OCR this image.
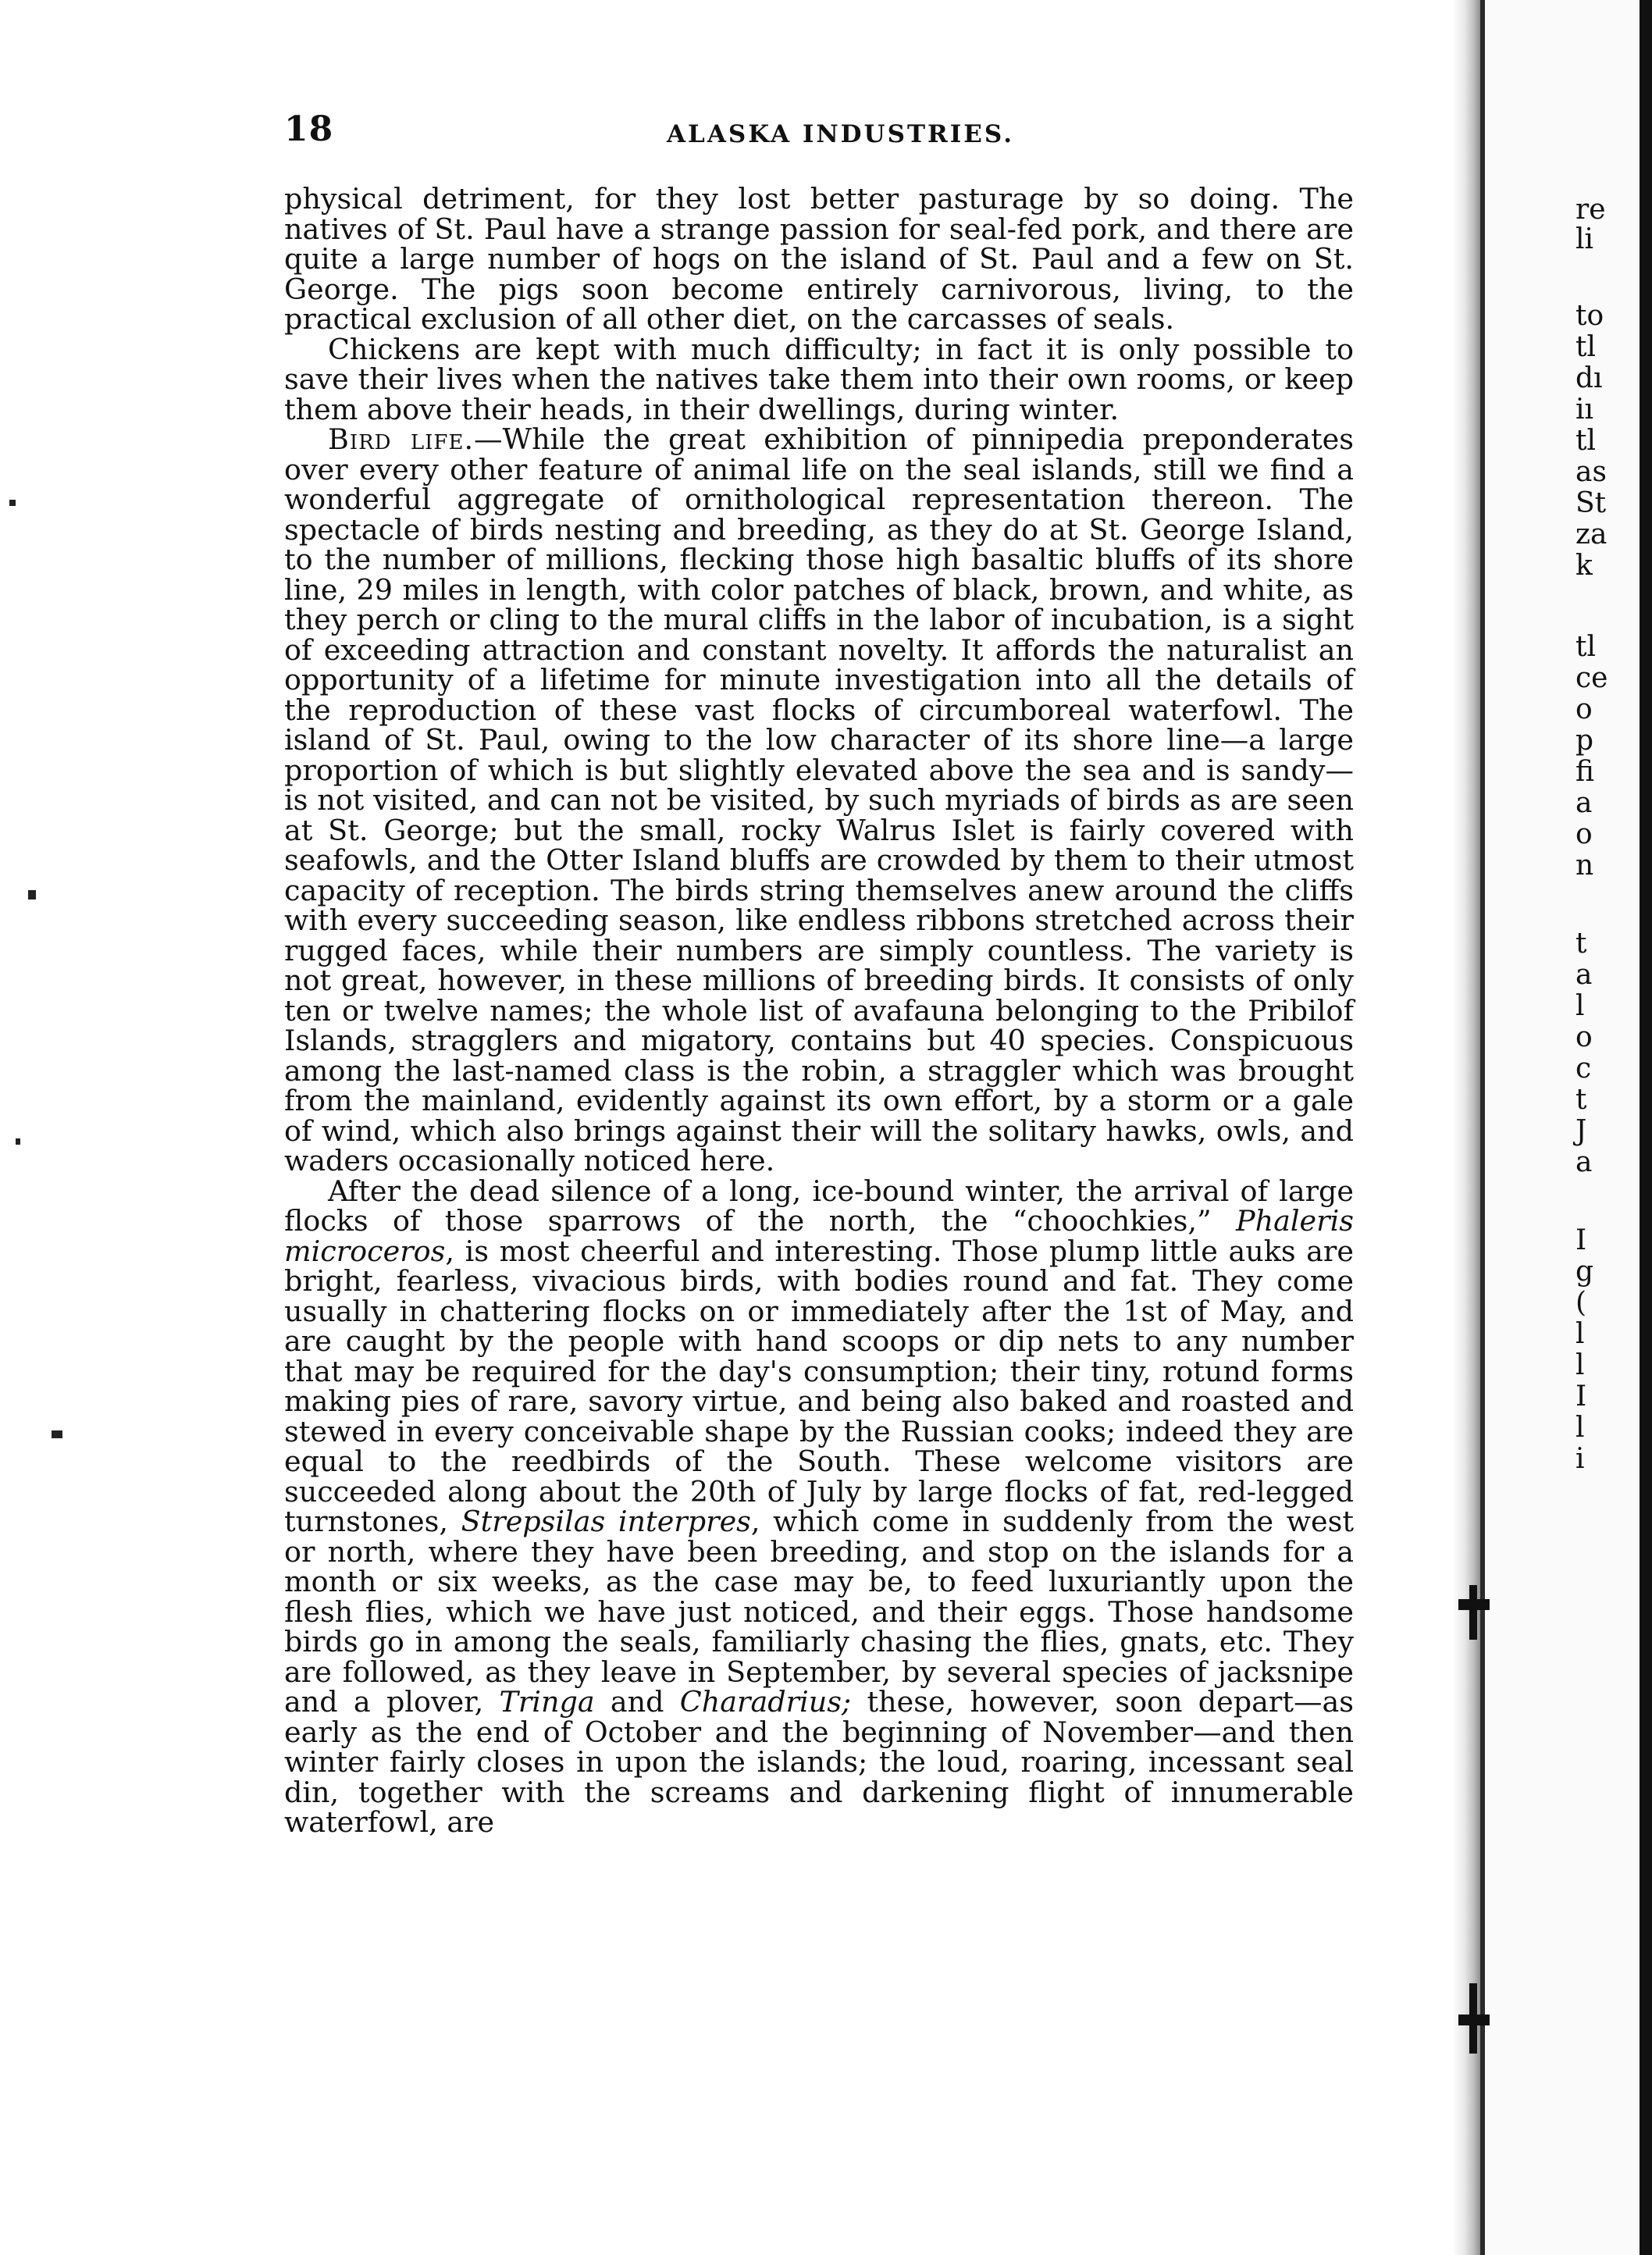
re
li
to
tl
dı
iı
tl
as
St
za
k
tl
ce
o
p
fi
a
o
n
t
a
l
o
c
t
J
a
I
g
(
l
l
I
l
i
18	ALASKA INDUSTRIES.

physical detriment, for they lost better pasturage by so doing. The natives of St. Paul have a strange passion for seal-fed pork, and there are quite a large number of hogs on the island of St. Paul and a few on St. George. The pigs soon become entirely carnivorous, living, to the practical exclusion of all other diet, on the carcasses of seals.

Chickens are kept with much difficulty; in fact it is only possible to save their lives when the natives take them into their own rooms, or keep them above their heads, in their dwellings, during winter.

Bird life.—While the great exhibition of pinnipedia preponderates over every other feature of animal life on the seal islands, still we find a wonderful aggregate of ornithological representation thereon. The spectacle of birds nesting and breeding, as they do at St. George Island, to the number of millions, flecking those high basaltic bluffs of its shore line, 29 miles in length, with color patches of black, brown, and white, as they perch or cling to the mural cliffs in the labor of incubation, is a sight of exceeding attraction and constant novelty. It affords the naturalist an opportunity of a lifetime for minute investigation into all the details of the reproduction of these vast flocks of circumboreal waterfowl. The island of St. Paul, owing to the low character of its shore line—a large proportion of which is but slightly elevated above the sea and is sandy—is not visited, and can not be visited, by such myriads of birds as are seen at St. George; but the small, rocky Walrus Islet is fairly covered with seafowls, and the Otter Island bluffs are crowded by them to their utmost capacity of reception. The birds string themselves anew around the cliffs with every succeeding season, like endless ribbons stretched across their rugged faces, while their numbers are simply countless. The variety is not great, however, in these millions of breeding birds. It consists of only ten or twelve names; the whole list of avafauna belonging to the Pribilof Islands, stragglers and migatory, contains but 40 species. Conspicuous among the last-named class is the robin, a straggler which was brought from the mainland, evidently against its own effort, by a storm or a gale of wind, which also brings against their will the solitary hawks, owls, and waders occasionally noticed here.

After the dead silence of a long, ice-bound winter, the arrival of large flocks of those sparrows of the north, the “choochkies,” Phaleris microceros, is most cheerful and interesting. Those plump little auks are bright, fearless, vivacious birds, with bodies round and fat. They come usually in chattering flocks on or immediately after the 1st of May, and are caught by the people with hand scoops or dip nets to any number that may be required for the day's consumption; their tiny, rotund forms making pies of rare, savory virtue, and being also baked and roasted and stewed in every conceivable shape by the Russian cooks; indeed they are equal to the reedbirds of the South. These welcome visitors are succeeded along about the 20th of July by large flocks of fat, red-legged turnstones, Strepsilas interpres, which come in suddenly from the west or north, where they have been breeding, and stop on the islands for a month or six weeks, as the case may be, to feed luxuriantly upon the flesh flies, which we have just noticed, and their eggs. Those handsome birds go in among the seals, familiarly chasing the flies, gnats, etc. They are followed, as they leave in September, by several species of jacksnipe and a plover, Tringa and Charadrius; these, however, soon depart—as early as the end of October and the beginning of November—and then winter fairly closes in upon the islands; the loud, roaring, incessant seal din, together with the screams and darkening flight of innumerable waterfowl, are
